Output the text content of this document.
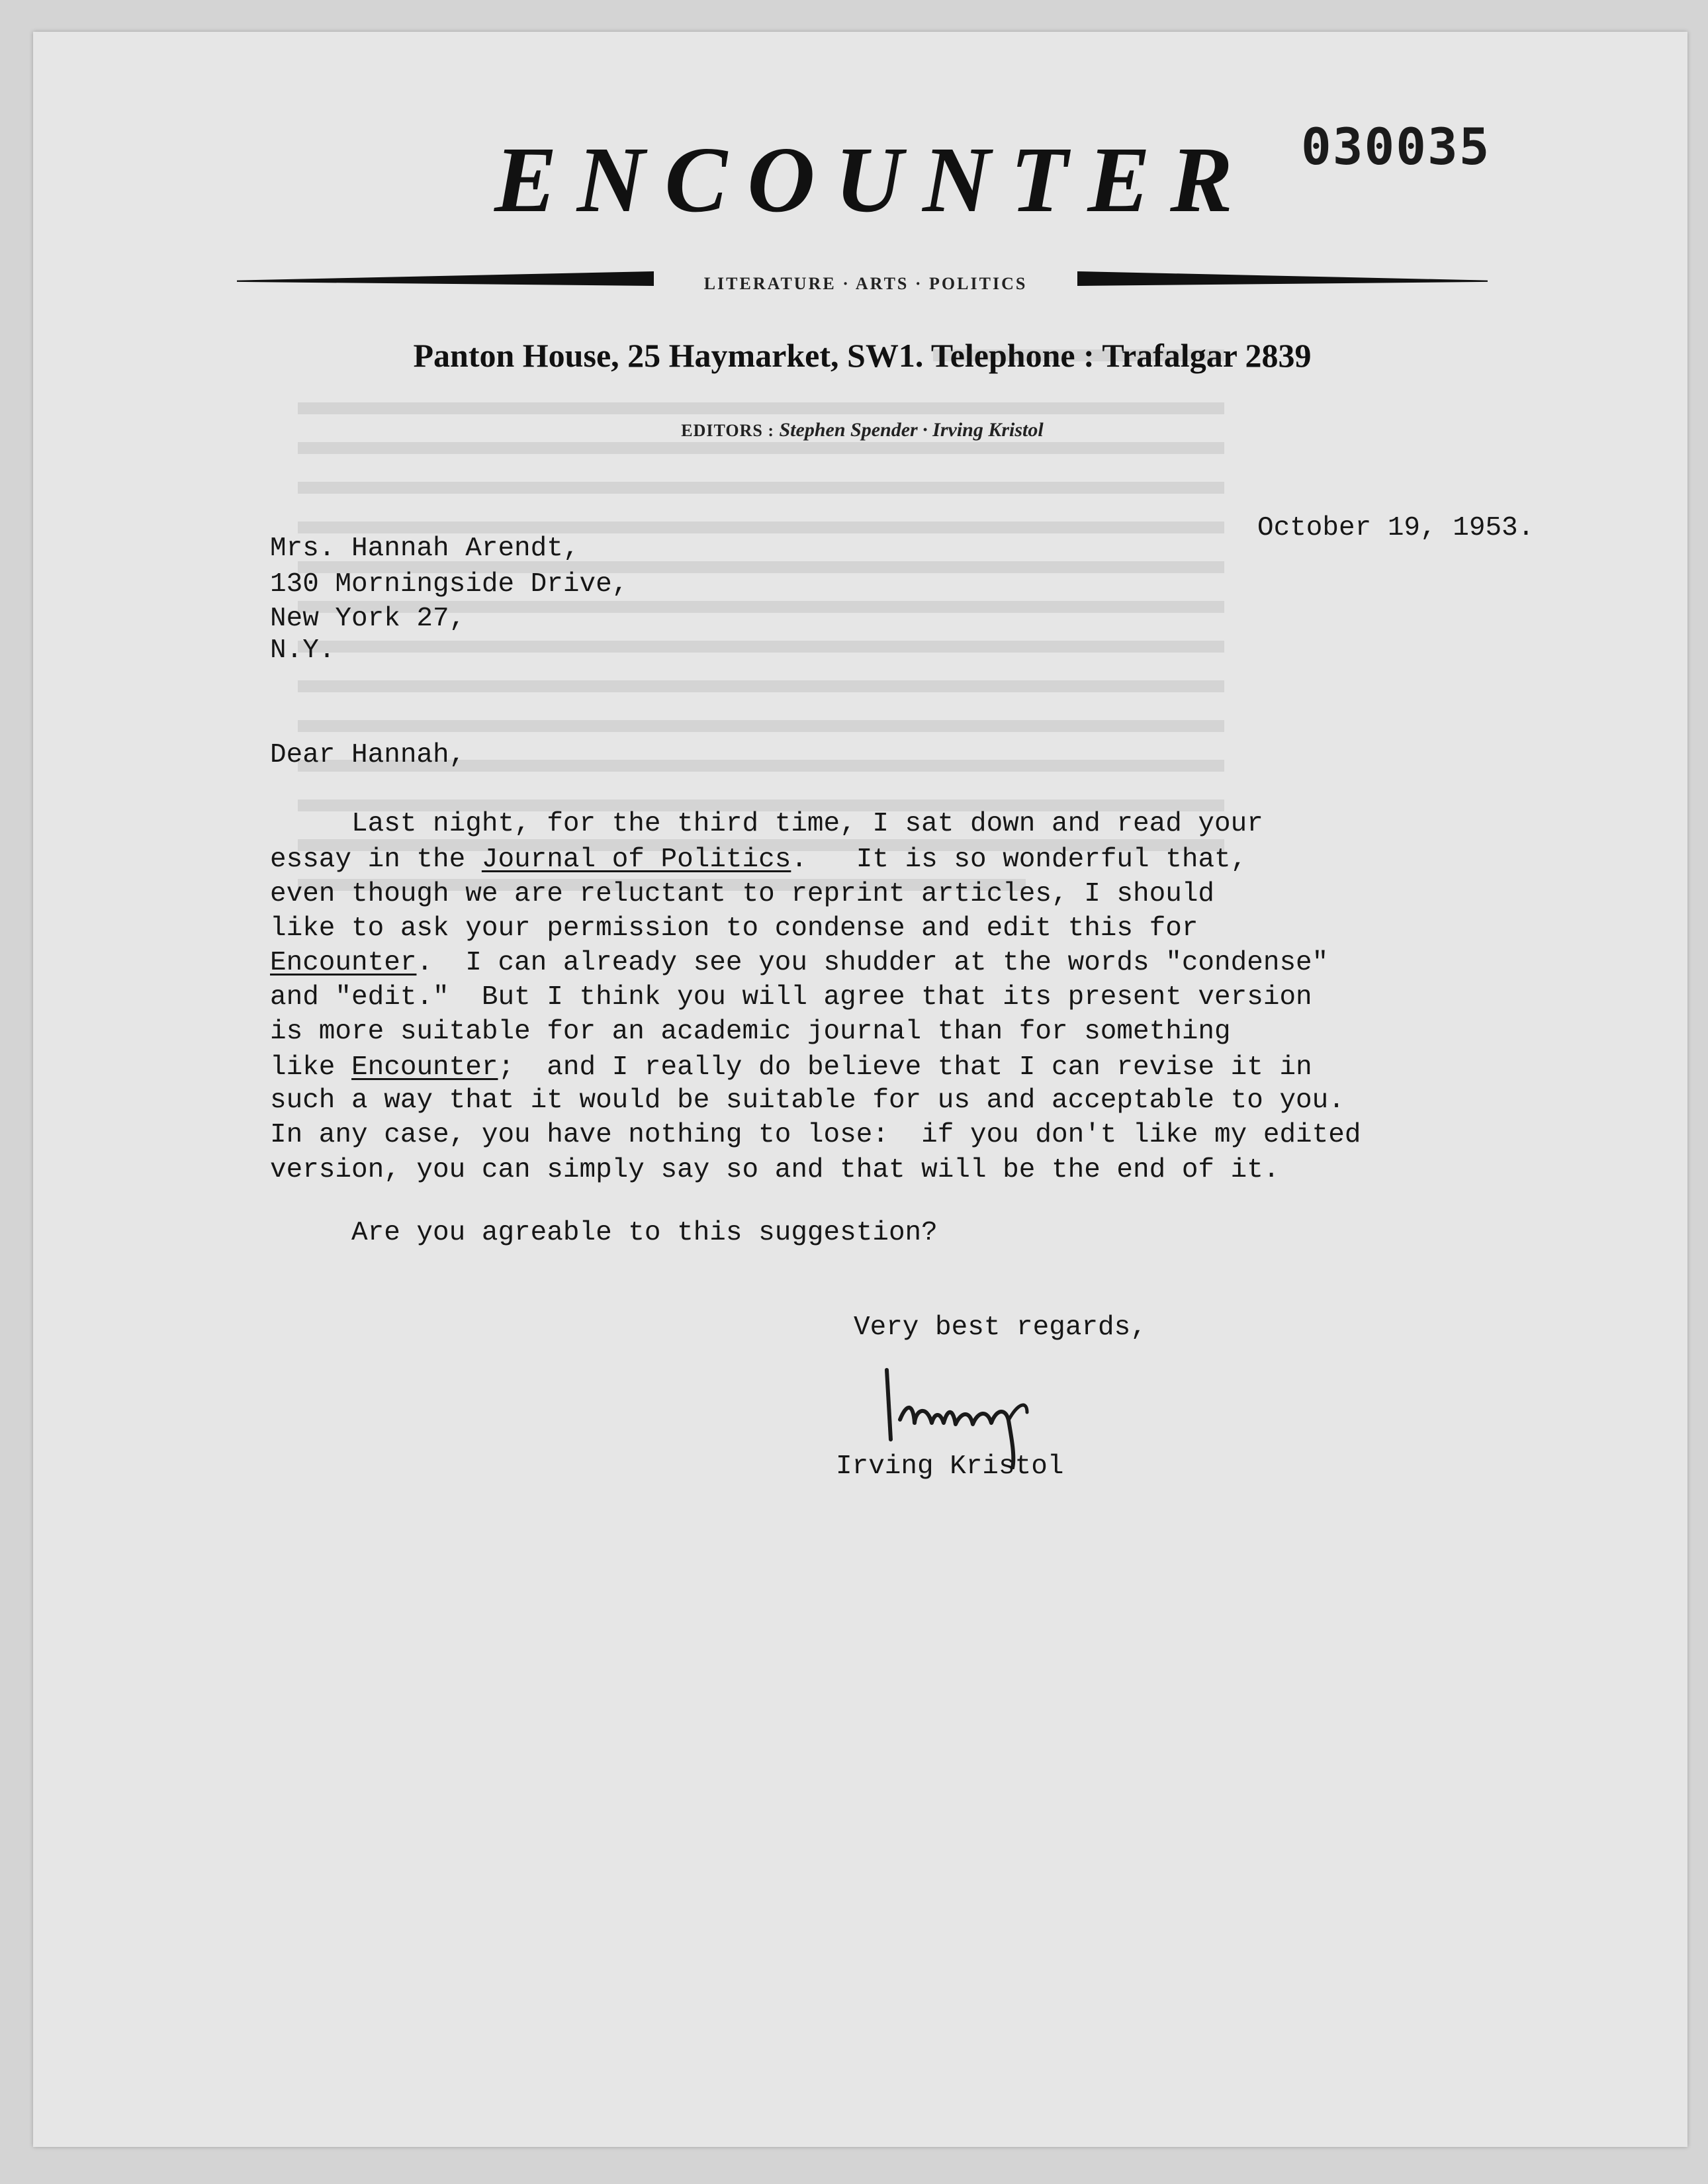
030035

ENCOUNTER

LITERATURE · ARTS · POLITICS

Panton House, 25 Haymarket, SW1. Telephone : Trafalgar 2839

EDITORS : Stephen Spender · Irving Kristol

October 19, 1953.

Mrs. Hannah Arendt,

130 Morningside Drive,

New York 27,

N.Y.

Dear Hannah,

Last night, for the third time, I sat down and read your

essay in the Journal of Politics.   It is so wonderful that,

even though we are reluctant to reprint articles, I should

like to ask your permission to condense and edit this for

Encounter.  I can already see you shudder at the words "condense"

and "edit."  But I think you will agree that its present version

is more suitable for an academic journal than for something

like Encounter;  and I really do believe that I can revise it in

such a way that it would be suitable for us and acceptable to you.

In any case, you have nothing to lose:  if you don't like my edited

version, you can simply say so and that will be the end of it.

Are you agreable to this suggestion?

Very best regards,

Irving Kristol
